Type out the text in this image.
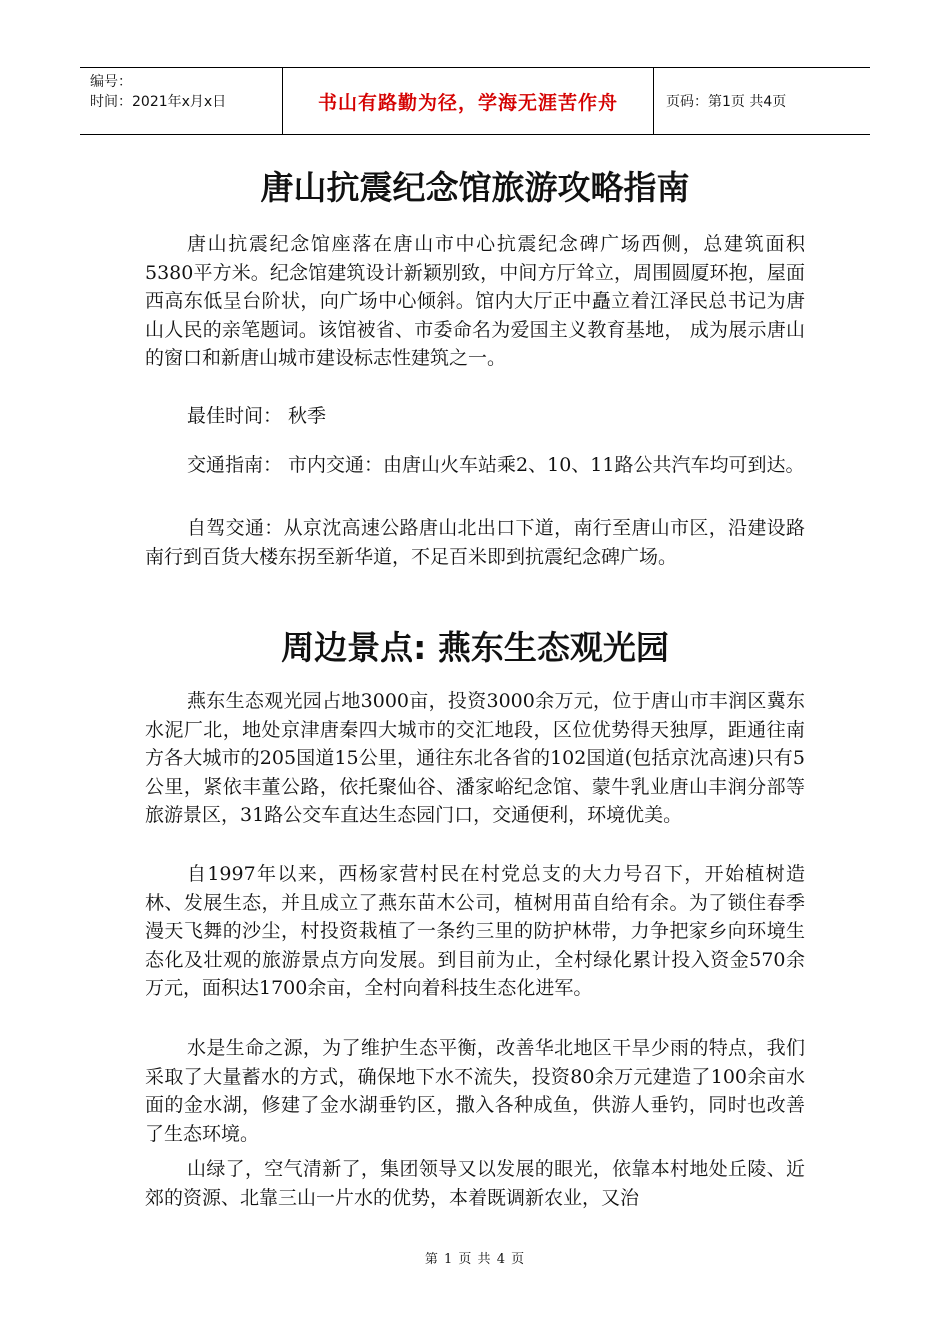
编号：
时间：2021年x月x日	书山有路勤为径，学海无涯苦作舟	页码：第1页 共4页
唐山抗震纪念馆旅游攻略指南

唐山抗震纪念馆座落在唐山市中心抗震纪念碑广场西侧，总建筑面积5380平方米。纪念馆建筑设计新颖别致，中间方厅耸立，周围圆厦环抱，屋面西高东低呈台阶状，向广场中心倾斜。馆内大厅正中矗立着江泽民总书记为唐山人民的亲笔题词。该馆被省、市委命名为爱国主义教育基地， 成为展示唐山的窗口和新唐山城市建设标志性建筑之一。

最佳时间： 秋季

交通指南： 市内交通：由唐山火车站乘2、10、11路公共汽车均可到达。

自驾交通：从京沈高速公路唐山北出口下道，南行至唐山市区，沿建设路南行到百货大楼东拐至新华道，不足百米即到抗震纪念碑广场。

周边景点: 燕东生态观光园

燕东生态观光园占地3000亩，投资3000余万元，位于唐山市丰润区冀东水泥厂北，地处京津唐秦四大城市的交汇地段，区位优势得天独厚，距通往南方各大城市的205国道15公里，通往东北各省的102国道(包括京沈高速)只有5公里，紧依丰董公路，依托聚仙谷、潘家峪纪念馆、蒙牛乳业唐山丰润分部等旅游景区，31路公交车直达生态园门口，交通便利，环境优美。

自1997年以来，西杨家营村民在村党总支的大力号召下，开始植树造林、发展生态，并且成立了燕东苗木公司，植树用苗自给有余。为了锁住春季漫天飞舞的沙尘，村投资栽植了一条约三里的防护林带，力争把家乡向环境生态化及壮观的旅游景点方向发展。到目前为止，全村绿化累计投入资金570余万元，面积达1700余亩，全村向着科技生态化进军。

水是生命之源，为了维护生态平衡，改善华北地区干旱少雨的特点，我们采取了大量蓄水的方式，确保地下水不流失，投资80余万元建造了100余亩水面的金水湖，修建了金水湖垂钓区，撒入各种成鱼，供游人垂钓，同时也改善了生态环境。

山绿了，空气清新了，集团领导又以发展的眼光，依靠本村地处丘陵、近郊的资源、北靠三山一片水的优势，本着既调新农业，又治

第 1 页 共 4 页
